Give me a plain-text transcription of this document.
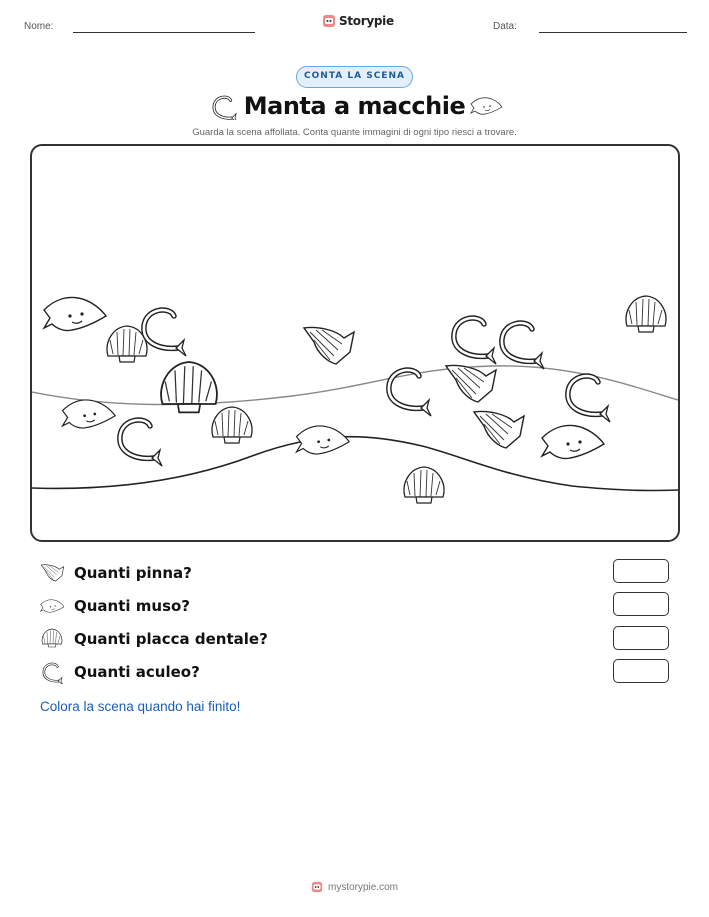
Nome:	Storypie	Data:
CONTA LA SCENA
Manta a macchie
Guarda la scena affollata. Conta quante immagini di ogni tipo riesci a trovare.
Quanti pinna?
Quanti muso?
Quanti placca dentale?
Quanti aculeo?
Colora la scena quando hai finito!
mystorypie.com
